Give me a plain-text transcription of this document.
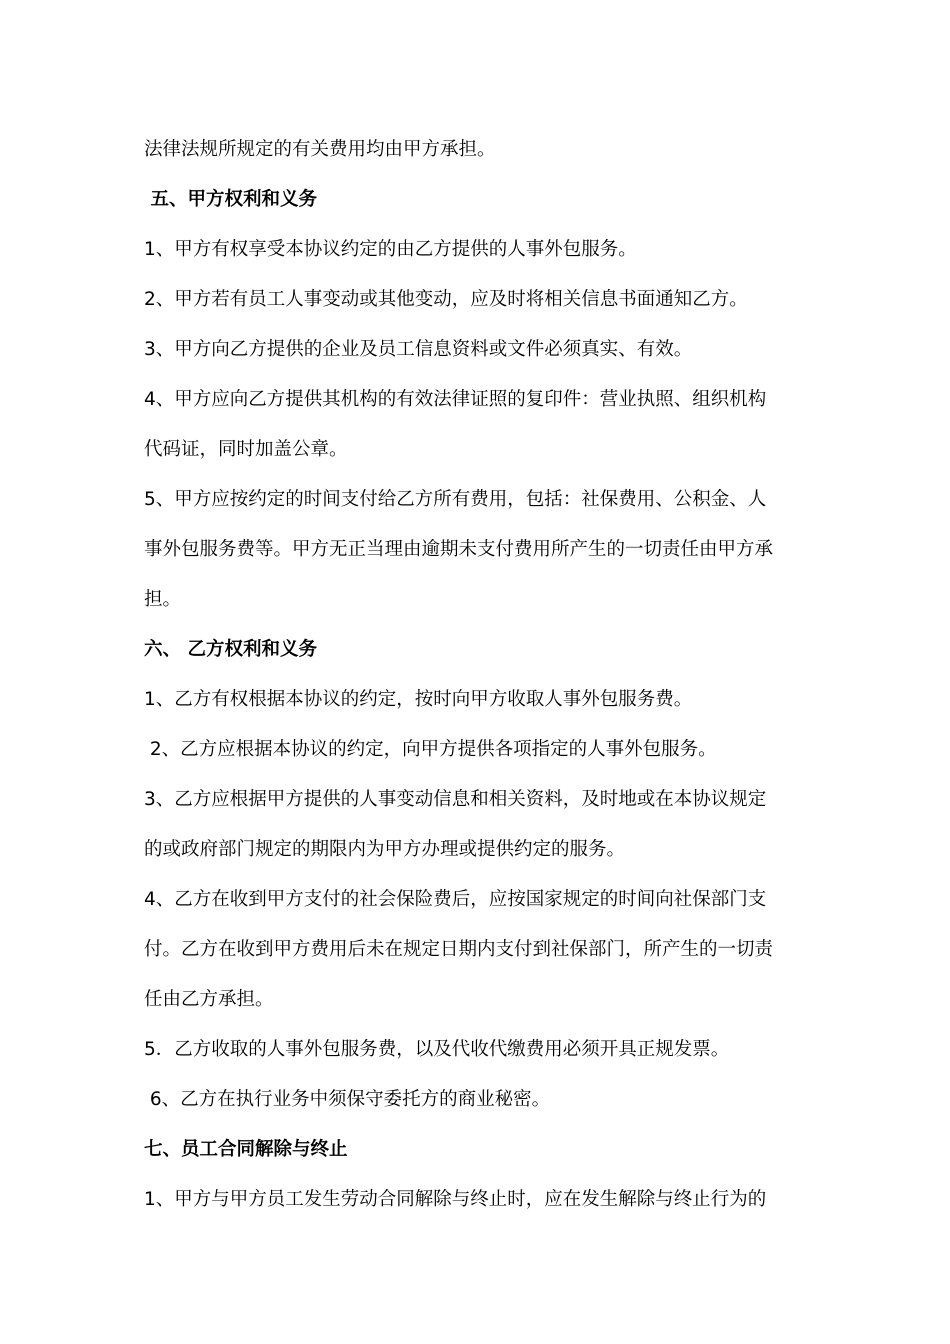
法律法规所规定的有关费用均由甲方承担。
五、甲方权利和义务
1、甲方有权享受本协议约定的由乙方提供的人事外包服务。
2、甲方若有员工人事变动或其他变动，应及时将相关信息书面通知乙方。
3、甲方向乙方提供的企业及员工信息资料或文件必须真实、有效。
4、甲方应向乙方提供其机构的有效法律证照的复印件：营业执照、组织机构
代码证，同时加盖公章。
5、甲方应按约定的时间支付给乙方所有费用，包括：社保费用、公积金、人
事外包服务费等。甲方无正当理由逾期未支付费用所产生的一切责任由甲方承
担。
六、 乙方权利和义务
1、乙方有权根据本协议的约定，按时向甲方收取人事外包服务费。
2、乙方应根据本协议的约定，向甲方提供各项指定的人事外包服务。
3、乙方应根据甲方提供的人事变动信息和相关资料，及时地或在本协议规定
的或政府部门规定的期限内为甲方办理或提供约定的服务。
4、乙方在收到甲方支付的社会保险费后，应按国家规定的时间向社保部门支
付。乙方在收到甲方费用后未在规定日期内支付到社保部门，所产生的一切责
任由乙方承担。
5．乙方收取的人事外包服务费，以及代收代缴费用必须开具正规发票。
6、乙方在执行业务中须保守委托方的商业秘密。
七、员工合同解除与终止
1、甲方与甲方员工发生劳动合同解除与终止时，应在发生解除与终止行为的
